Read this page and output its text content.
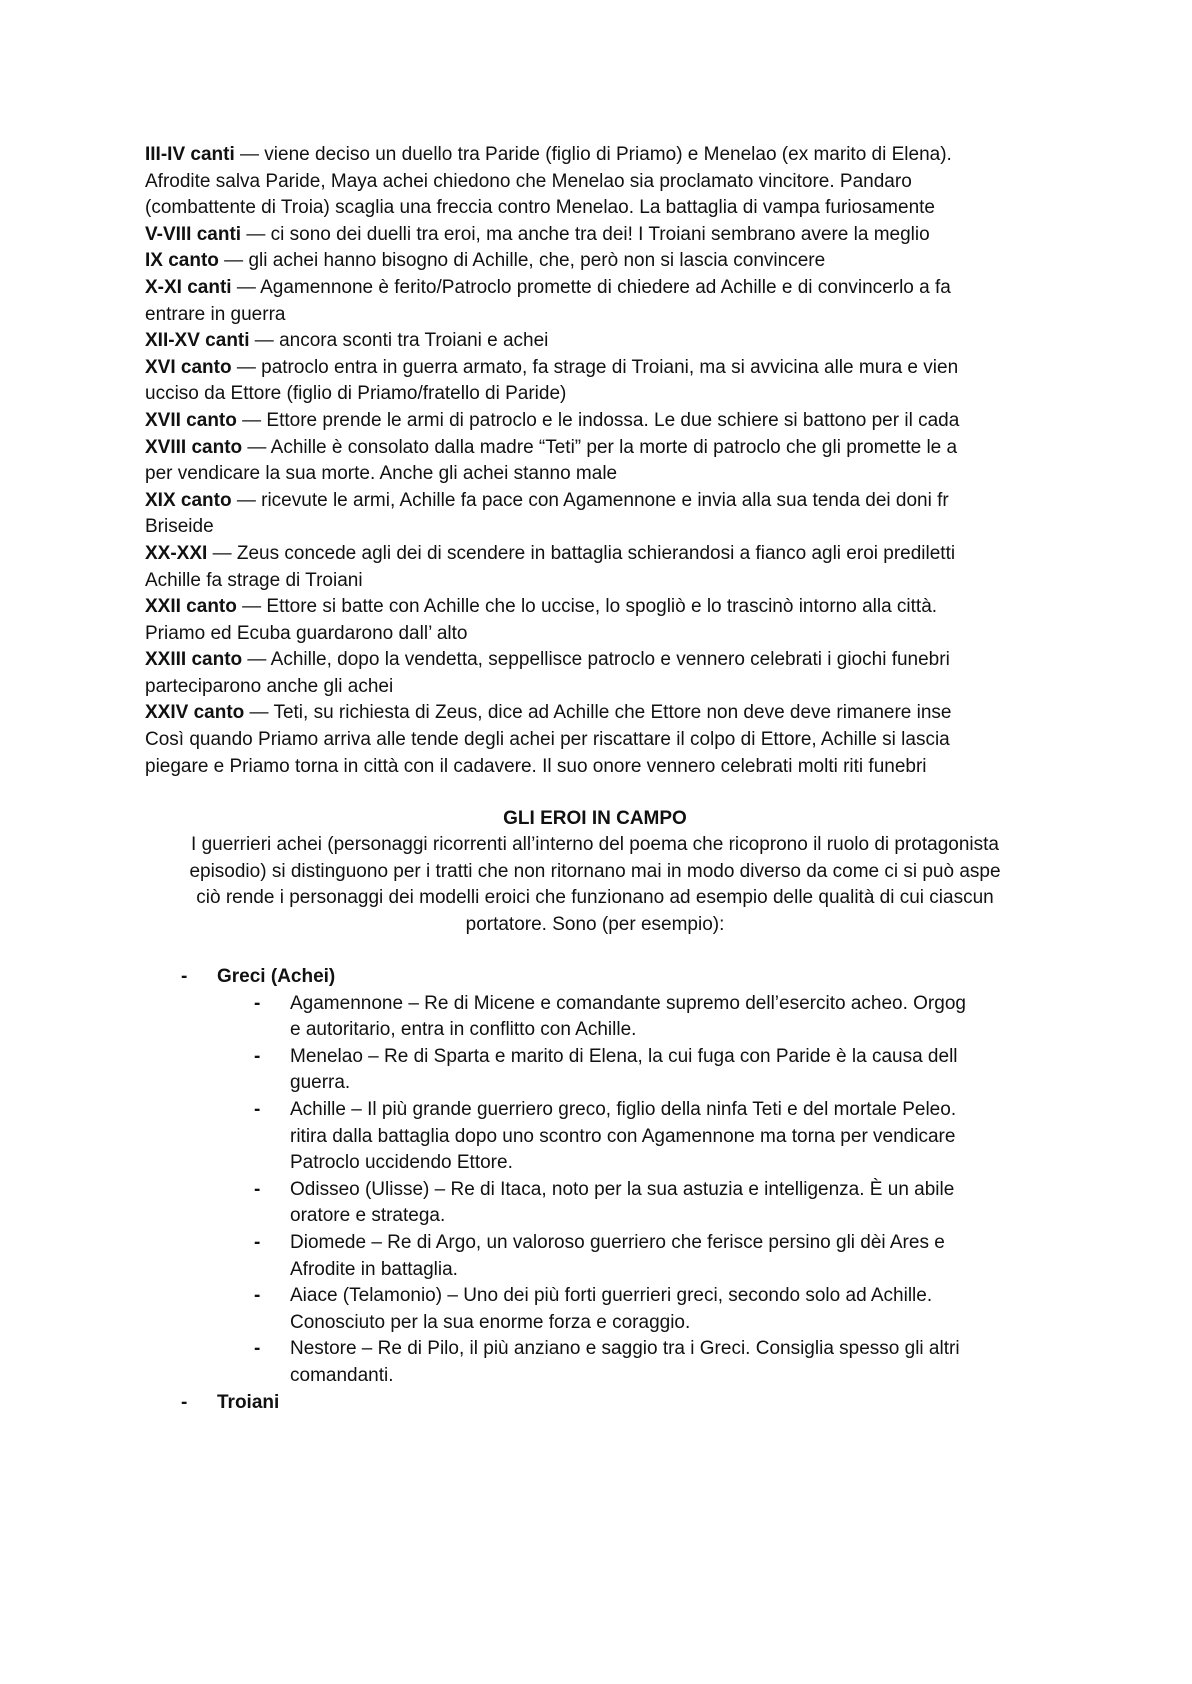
III-IV canti — viene deciso un duello tra Paride (figlio di Priamo) e Menelao (ex marito di Elena).
Afrodite salva Paride, Maya achei chiedono che Menelao sia proclamato vincitore. Pandaro
(combattente di Troia) scaglia una freccia contro Menelao. La battaglia di vampa furiosamente
V-VIII canti — ci sono dei duelli tra eroi, ma anche tra dei! I Troiani sembrano avere la meglio
IX canto — gli achei hanno bisogno di Achille, che, però non si lascia convincere
X-XI canti — Agamennone è ferito/Patroclo promette di chiedere ad Achille e di convincerlo a fa
entrare in guerra
XII-XV canti — ancora sconti tra Troiani e achei
XVI canto — patroclo entra in guerra armato, fa strage di Troiani, ma si avvicina alle mura e vien
ucciso da Ettore (figlio di Priamo/fratello di Paride)
XVII canto — Ettore prende le armi di patroclo e le indossa. Le due schiere si battono per il cada
XVIII canto — Achille è consolato dalla madre “Teti” per la morte di patroclo che gli promette le a
per vendicare la sua morte. Anche gli achei stanno male
XIX canto — ricevute le armi, Achille fa pace con Agamennone e invia alla sua tenda dei doni fr
Briseide
XX-XXI — Zeus concede agli dei di scendere in battaglia schierandosi a fianco agli eroi prediletti
Achille fa strage di Troiani
XXII canto — Ettore si batte con Achille che lo uccise, lo spogliò e lo trascinò intorno alla città.
Priamo ed Ecuba guardarono dall’ alto
XXIII canto — Achille, dopo la vendetta, seppellisce patroclo e vennero celebrati i giochi funebri
parteciparono anche gli achei
XXIV canto — Teti, su richiesta di Zeus, dice ad Achille che Ettore non deve deve rimanere inse
Così quando Priamo arriva alle tende degli achei per riscattare il colpo di Ettore, Achille si lascia
piegare e Priamo torna in città con il cadavere. Il suo onore vennero celebrati molti riti funebri
GLI EROI IN CAMPO
I guerrieri achei (personaggi ricorrenti all’interno del poema che ricoprono il ruolo di protagonista
episodio) si distinguono per i tratti che non ritornano mai in modo diverso da come ci si può aspe
ciò rende i personaggi dei modelli eroici che funzionano ad esempio delle qualità di cui ciascun
portatore. Sono (per esempio):
- Greci (Achei)
- Agamennone – Re di Micene e comandante supremo dell’esercito acheo. Orgog
e autoritario, entra in conflitto con Achille.
- Menelao – Re di Sparta e marito di Elena, la cui fuga con Paride è la causa dell
guerra.
- Achille – Il più grande guerriero greco, figlio della ninfa Teti e del mortale Peleo.
ritira dalla battaglia dopo uno scontro con Agamennone ma torna per vendicare
Patroclo uccidendo Ettore.
- Odisseo (Ulisse) – Re di Itaca, noto per la sua astuzia e intelligenza. È un abile
oratore e stratega.
- Diomede – Re di Argo, un valoroso guerriero che ferisce persino gli dèi Ares e
Afrodite in battaglia.
- Aiace (Telamonio) – Uno dei più forti guerrieri greci, secondo solo ad Achille.
Conosciuto per la sua enorme forza e coraggio.
- Nestore – Re di Pilo, il più anziano e saggio tra i Greci. Consiglia spesso gli altri
comandanti.
- Troiani
